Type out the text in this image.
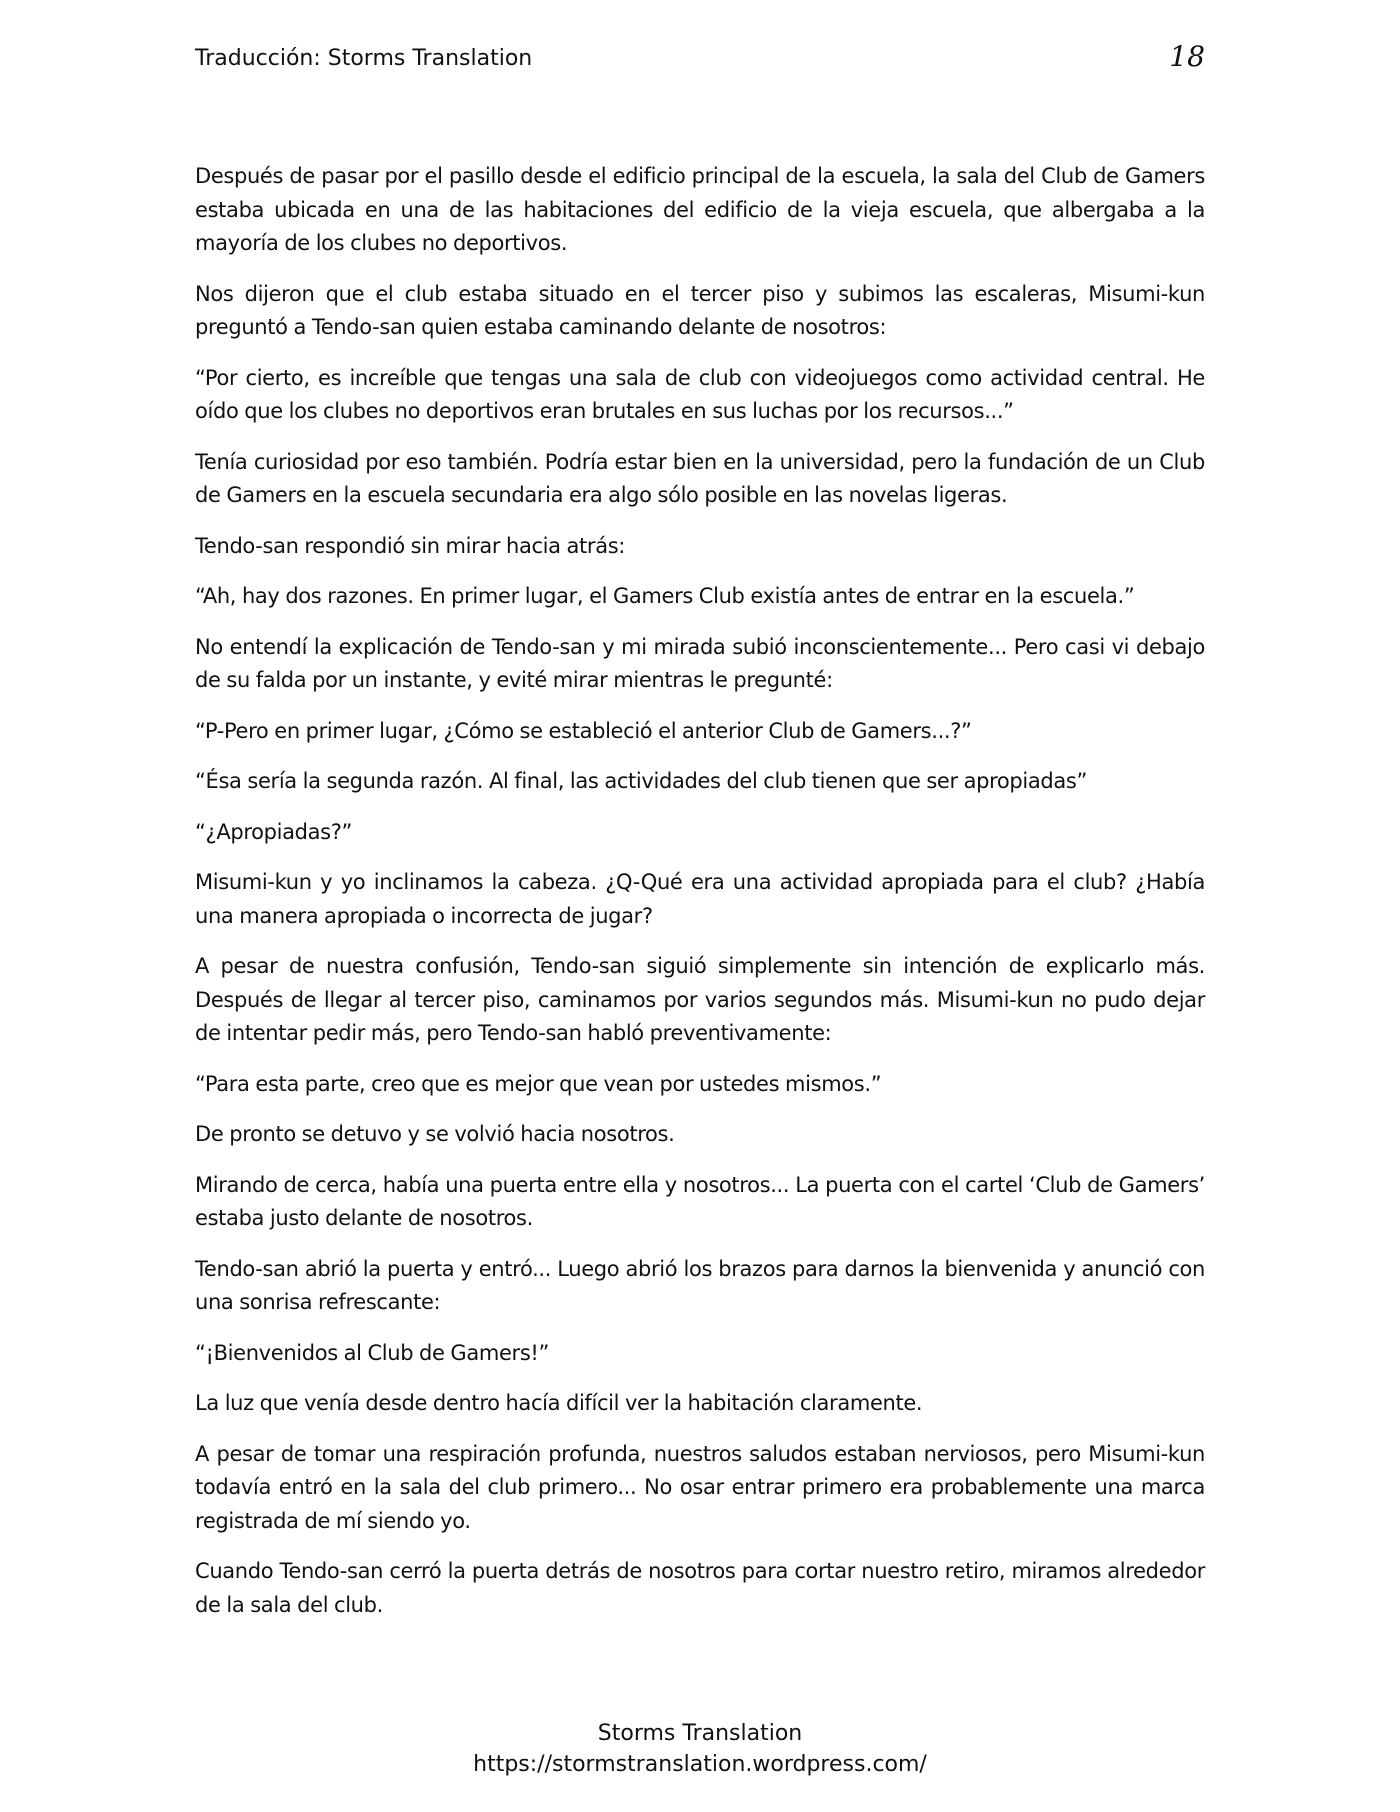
Traducción: Storms Translation	18

Después de pasar por el pasillo desde el edificio principal de la escuela, la sala del Club de Gamers estaba ubicada en una de las habitaciones del edificio de la vieja escuela, que albergaba a la mayoría de los clubes no deportivos.

Nos dijeron que el club estaba situado en el tercer piso y subimos las escaleras, Misumi-kun preguntó a Tendo-san quien estaba caminando delante de nosotros:

“Por cierto, es increíble que tengas una sala de club con videojuegos como actividad central. He oído que los clubes no deportivos eran brutales en sus luchas por los recursos...”

Tenía curiosidad por eso también. Podría estar bien en la universidad, pero la fundación de un Club de Gamers en la escuela secundaria era algo sólo posible en las novelas ligeras.

Tendo-san respondió sin mirar hacia atrás:

“Ah, hay dos razones. En primer lugar, el Gamers Club existía antes de entrar en la escuela.”

No entendí la explicación de Tendo-san y mi mirada subió inconscientemente... Pero casi vi debajo de su falda por un instante, y evité mirar mientras le pregunté:

“P-Pero en primer lugar, ¿Cómo se estableció el anterior Club de Gamers...?”

“Ésa sería la segunda razón. Al final, las actividades del club tienen que ser apropiadas”

“¿Apropiadas?”

Misumi-kun y yo inclinamos la cabeza. ¿Q-Qué era una actividad apropiada para el club? ¿Había una manera apropiada o incorrecta de jugar?

A pesar de nuestra confusión, Tendo-san siguió simplemente sin intención de explicarlo más. Después de llegar al tercer piso, caminamos por varios segundos más. Misumi-kun no pudo dejar de intentar pedir más, pero Tendo-san habló preventivamente:

“Para esta parte, creo que es mejor que vean por ustedes mismos.”

De pronto se detuvo y se volvió hacia nosotros.

Mirando de cerca, había una puerta entre ella y nosotros... La puerta con el cartel ‘Club de Gamers’ estaba justo delante de nosotros.

Tendo-san abrió la puerta y entró... Luego abrió los brazos para darnos la bienvenida y anunció con una sonrisa refrescante:

“¡Bienvenidos al Club de Gamers!”

La luz que venía desde dentro hacía difícil ver la habitación claramente.

A pesar de tomar una respiración profunda, nuestros saludos estaban nerviosos, pero Misumi-kun todavía entró en la sala del club primero... No osar entrar primero era probablemente una marca registrada de mí siendo yo.

Cuando Tendo-san cerró la puerta detrás de nosotros para cortar nuestro retiro, miramos alrededor de la sala del club.

Storms Translation
https://stormstranslation.wordpress.com/
